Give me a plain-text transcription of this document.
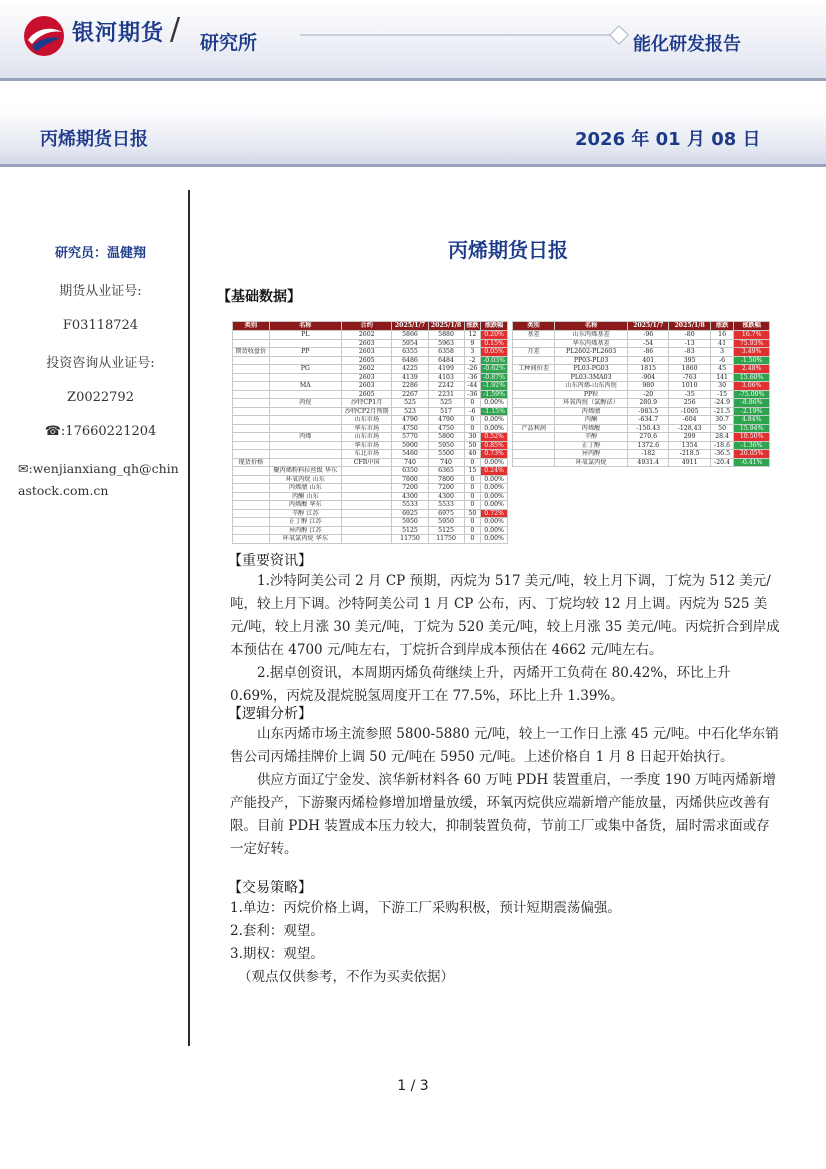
银河期货 / 研究所	能化研发报告
丙烯期货日报	2026 年 01 月 08 日
研究员：温健翔
期货从业证号:
F03118724
投资咨询从业证号:
Z0022792
☎:17660221204
✉:wenjianxiang_qh@chinastock.com.cn
丙烯期货日报
【基础数据】
类别	名称	合约	2025/1/7	2025/1/8	涨跌	涨跌幅
	PL	2602	5866	5880	12	0.20%
		2603	5954	5963	9	0.15%
期货收盘价	PP	2603	6355	6358	3	0.05%
		2605	6486	6484	-2	-0.03%
	PG	2602	4225	4199	-26	-0.62%
		2603	4139	4103	-36	-0.87%
	MA	2603	2286	2242	-44	-1.92%
		2605	2267	2231	-36	-1.59%
	丙烷	沙特CP1月	525	525	0	0.00%
		沙特CP2月预期	523	517	-6	-1.15%
		山东市场	4790	4790	0	0.00%
		华东市场	4750	4750	0	0.00%
	丙烯	山东市场	5770	5800	30	0.52%
		华东市场	5900	5950	50	0.85%
		东北市场	5460	5500	40	0.73%
现货价格		CFR中国	740	740	0	0.00%
	聚丙烯粉料拉丝级 华东		6350	6365	15	0.24%
	环氧丙烷 山东		7800	7800	0	0.00%
	丙烯腈 山东		7200	7200	0	0.00%
	丙酮 山东		4300	4300	0	0.00%
	丙烯酸 华东		5533	5533	0	0.00%
	辛醇 江苏		6925	6975	50	0.72%
	正丁醇 江苏		5950	5950	0	0.00%
	异丙醇 江苏		5125	5125	0	0.00%
	环氧氯丙烷 华东		11750	11750	0	0.00%
类别	名称	2025/1/7	2025/1/8	涨跌	涨跌幅
基差	山东丙烯基差	-96	-80	16	16.7%
	华东丙烯基差	-54	-13	41	75.93%
月差	PL2602-PL2603	-86	-83	3	3.49%
	PP03-PL03	401	395	-6	-1.50%
工种间价差	PL03-PG03	1815	1860	45	2.48%
	PL03-3MA03	-904	-763	141	15.60%
	山东丙烯-山东丙烷	980	1010	30	3.06%
	PP粒	-20	-35	-15	-75.00%
	环氧丙烷（氯醇法）	280.9	256	-24.9	-8.86%
	丙烯腈	-983.5	-1005	-21.5	-2.19%
	丙酮	-634.7	-604	30.7	4.84%
产品利润	丙烯酸	-150.43	-128.43	50	15.94%
	辛醇	270.6	299	28.4	10.50%
	正丁醇	1372.6	1354	-18.6	-1.36%
	异丙醇	-182	-218.5	-36.5	20.05%
	环氧氯丙烷	4931.4	4911	-20.4	-0.41%
【重要资讯】

1.沙特阿美公司 2 月 CP 预期，丙烷为 517 美元/吨，较上月下调，丁烷为 512 美元/吨，较上月下调。沙特阿美公司 1 月 CP 公布，丙、丁烷均较 12 月上调。丙烷为 525 美元/吨，较上月涨 30 美元/吨，丁烷为 520 美元/吨，较上月涨 35 美元/吨。丙烷折合到岸成本预估在 4700 元/吨左右，丁烷折合到岸成本预估在 4662 元/吨左右。

2.据卓创资讯，本周期丙烯负荷继续上升，丙烯开工负荷在 80.42%，环比上升 0.69%，丙烷及混烷脱氢周度开工在 77.5%，环比上升 1.39%。

【逻辑分析】

山东丙烯市场主流参照 5800-5880 元/吨，较上一工作日上涨 45 元/吨。中石化华东销售公司丙烯挂牌价上调 50 元/吨在 5950 元/吨。上述价格自 1 月 8 日起开始执行。

供应方面辽宁金发、滨华新材料各 60 万吨 PDH 装置重启，一季度 190 万吨丙烯新增产能投产，下游聚丙烯检修增加增量放缓，环氧丙烷供应端新增产能放量，丙烯供应改善有限。目前 PDH 装置成本压力较大，抑制装置负荷，节前工厂或集中备货，届时需求面或存一定好转。

【交易策略】

1.单边：丙烷价格上调，下游工厂采购积极，预计短期震荡偏强。

2.套利：观望。

3.期权：观望。

（观点仅供参考，不作为买卖依据）

1 / 3
